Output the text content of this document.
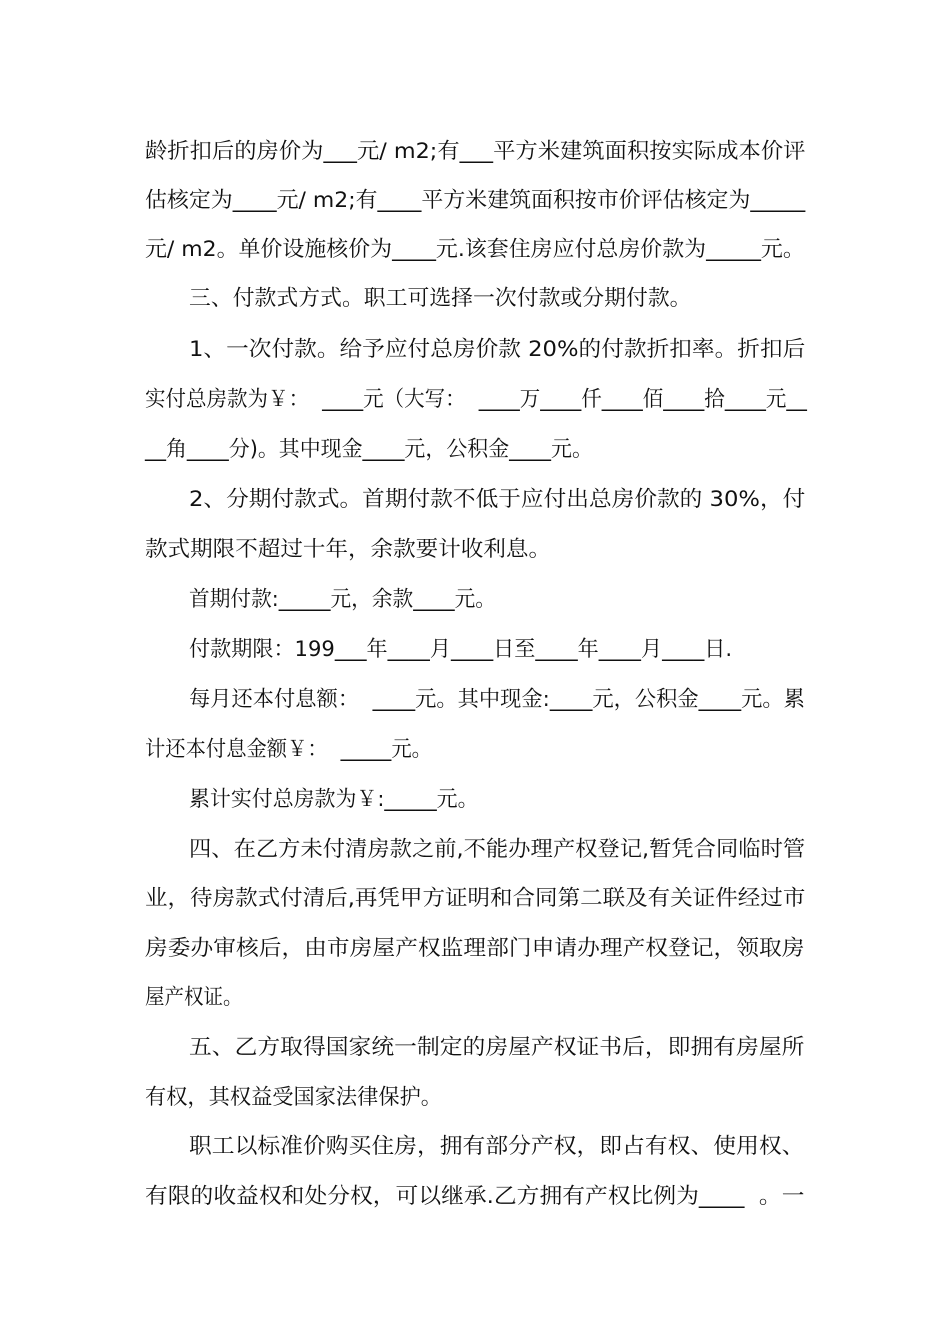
龄折扣后的房价为___元/ m2;有___平方米建筑面积按实际成本价评
估核定为____元/ m2;有____平方米建筑面积按市价评估核定为_____
元/ m2。单价设施核价为____元.该套住房应付总房价款为_____元。
三、付款式方式。职工可选择一次付款或分期付款。
1、一次付款。给予应付总房价款 20%的付款折扣率。折扣后
实付总房款为￥：  ____元（大写：  ____万____仟____佰____拾____元__
__角____分)。其中现金____元，公积金____元。
2、分期付款式。首期付款不低于应付出总房价款的 30%，付
款式期限不超过十年，余款要计收利息。
首期付款:_____元，余款____元。
付款期限：199___年____月____日至____年____月____日.
每月还本付息额：  ____元。其中现金:____元，公积金____元。累
计还本付息金额￥：  _____元。
累计实付总房款为￥:_____元。
四、在乙方未付清房款之前,不能办理产权登记,暂凭合同临时管
业，待房款式付清后,再凭甲方证明和合同第二联及有关证件经过市
房委办审核后，由市房屋产权监理部门申请办理产权登记，领取房
屋产权证。
五、乙方取得国家统一制定的房屋产权证书后，即拥有房屋所
有权，其权益受国家法律保护。
职工以标准价购买住房，拥有部分产权，即占有权、使用权、
有限的收益权和处分权，可以继承.乙方拥有产权比例为____  。一
